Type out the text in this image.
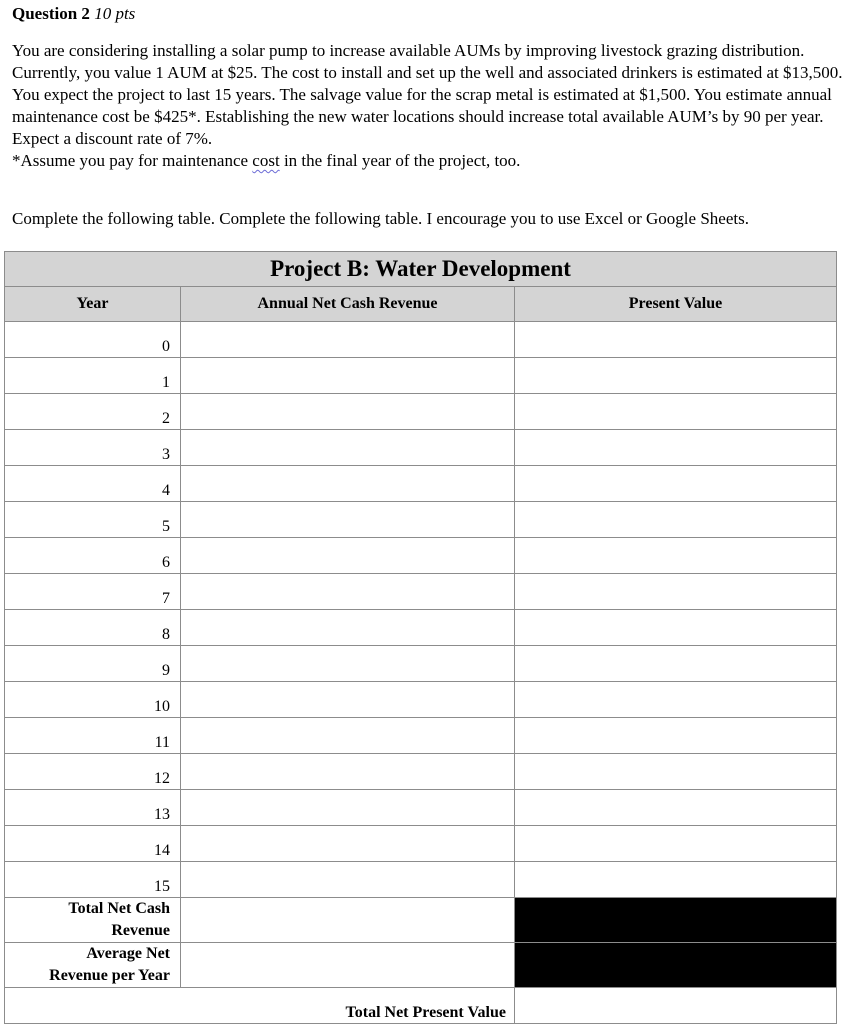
Question 2 10 pts

You are considering installing a solar pump to increase available AUMs by improving livestock grazing distribution. Currently, you value 1 AUM at $25. The cost to install and set up the well and associated drinkers is estimated at $13,500. You expect the project to last 15 years. The salvage value for the scrap metal is estimated at $1,500. You estimate annual maintenance cost be $425*. Establishing the new water locations should increase total available AUM’s by 90 per year. Expect a discount rate of 7%.

*Assume you pay for maintenance cost in the final year of the project, too.

Complete the following table. Complete the following table. I encourage you to use Excel or Google Sheets.
Project B: Water Development		
Year	Annual Net Cash Revenue	Present Value
0		
1		
2		
3		
4		
5		
6		
7		
8		
9		
10		
11		
12		
13		
14		
15		
Total Net Cash
Revenue		
Average Net
Revenue per Year		
Total Net Present Value		
